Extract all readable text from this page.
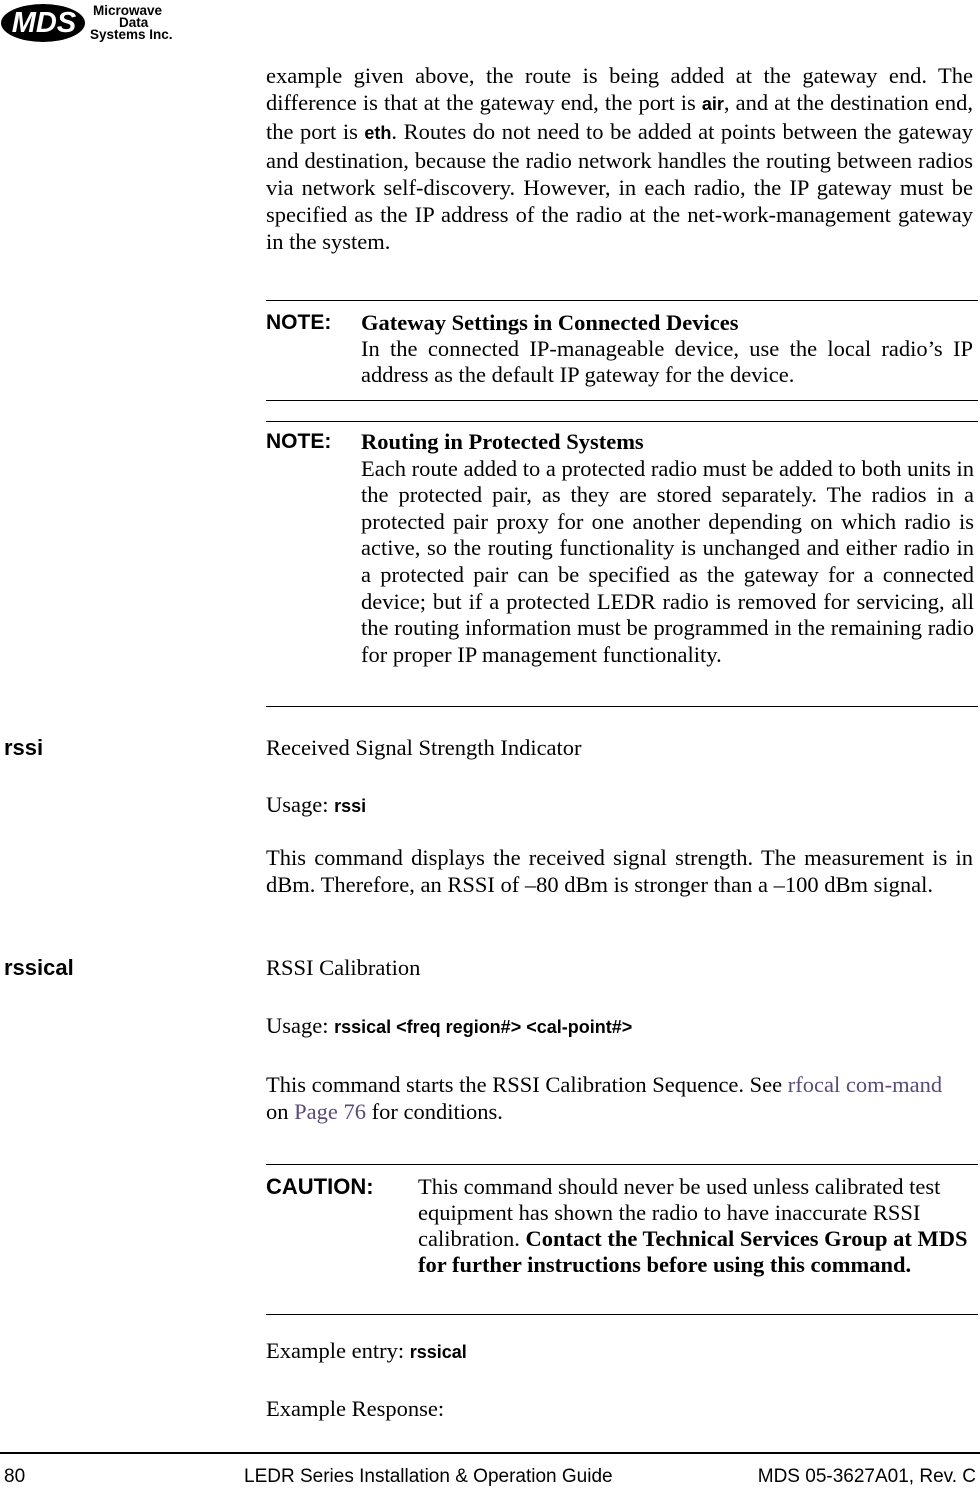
MDS	Microwave
Data
Systems Inc.
example given above, the route is being added at the gateway end. The difference is that at the gateway end, the port is air, and at the destination end, the port is eth. Routes do not need to be added at points between the gateway and destination, because the radio network handles the routing between radios via network self-discovery. However, in each radio, the IP gateway must be specified as the IP address of the radio at the net-work-management gateway in the system.
NOTE: Gateway Settings in Connected Devices
In the connected IP-manageable device, use the local radio’s IP address as the default IP gateway for the device.
NOTE: Routing in Protected Systems
Each route added to a protected radio must be added to both units in the protected pair, as they are stored separately. The radios in a protected pair proxy for one another depending on which radio is active, so the routing functionality is unchanged and either radio in a protected pair can be specified as the gateway for a connected device; but if a protected LEDR radio is removed for servicing, all the routing information must be programmed in the remaining radio for proper IP management functionality.
rssi	Received Signal Strength Indicator
Usage: rssi
This command displays the received signal strength. The measurement is in dBm. Therefore, an RSSI of –80 dBm is stronger than a –100 dBm signal.
rssical	RSSI Calibration
Usage: rssical <freq region#> <cal-point#>
This command starts the RSSI Calibration Sequence. See rfocal com-mand on Page 76 for conditions.
CAUTION: This command should never be used unless calibrated test equipment has shown the radio to have inaccurate RSSI calibration. Contact the Technical Services Group at MDS for further instructions before using this command.
Example entry: rssical
Example Response:
80	LEDR Series Installation & Operation Guide	MDS 05-3627A01, Rev. C
